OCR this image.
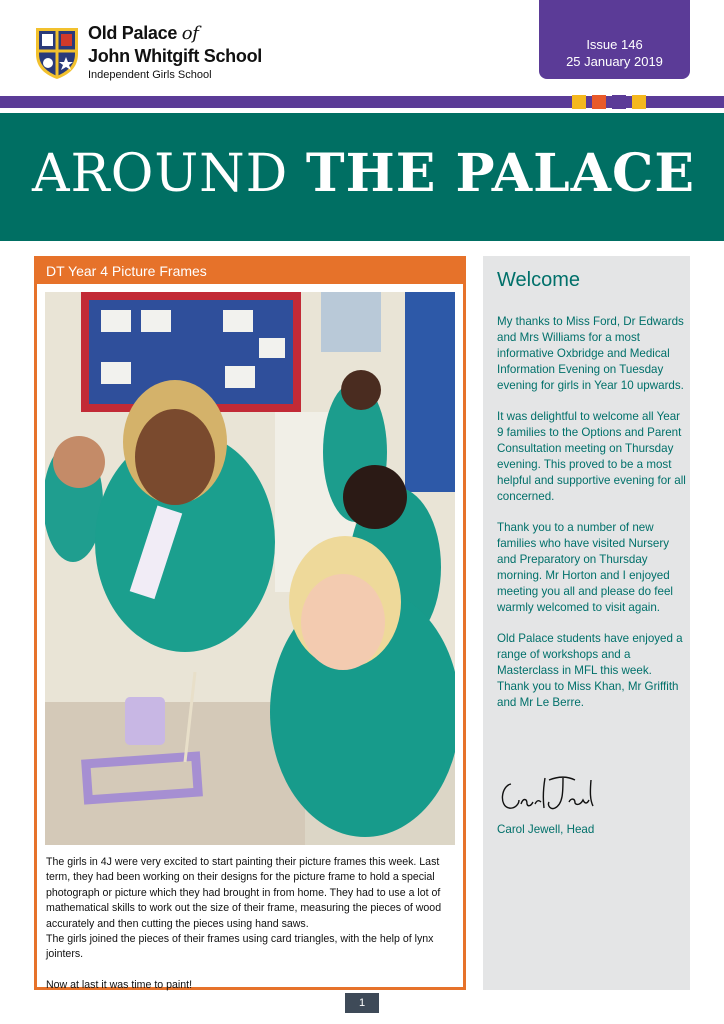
Old Palace of
John Whitgift School
Independent Girls School
Issue 146
25 January 2019
AROUND THE PALACE
DT Year 4 Picture Frames

The girls in 4J were very excited to start painting their picture frames this week. Last term, they had been working on their designs for the picture frame to hold a special photograph or picture which they had brought in from home. They had to use a lot of mathematical skills to work out the size of their frame, measuring the pieces of wood accurately and then cutting the pieces using hand saws.

The girls joined the pieces of their frames using card triangles, with the help of lynx jointers.

Now at last it was time to paint!

Welcome

My thanks to Miss Ford, Dr Edwards and Mrs Williams for a most informative Oxbridge and Medical Information Evening on Tuesday evening for girls in Year 10 upwards.

It was delightful to welcome all Year 9 families to the Options and Parent Consultation meeting on Thursday evening. This proved to be a most helpful and supportive evening for all concerned.

Thank you to a number of new families who have visited Nursery and Preparatory on Thursday morning. Mr Horton and I enjoyed meeting you all and please do feel warmly welcomed to visit again.

Old Palace students have enjoyed a range of workshops and a Masterclass in MFL this week. Thank you to Miss Khan, Mr Griffith and Mr Le Berre.

Carol Jewell, Head
1
